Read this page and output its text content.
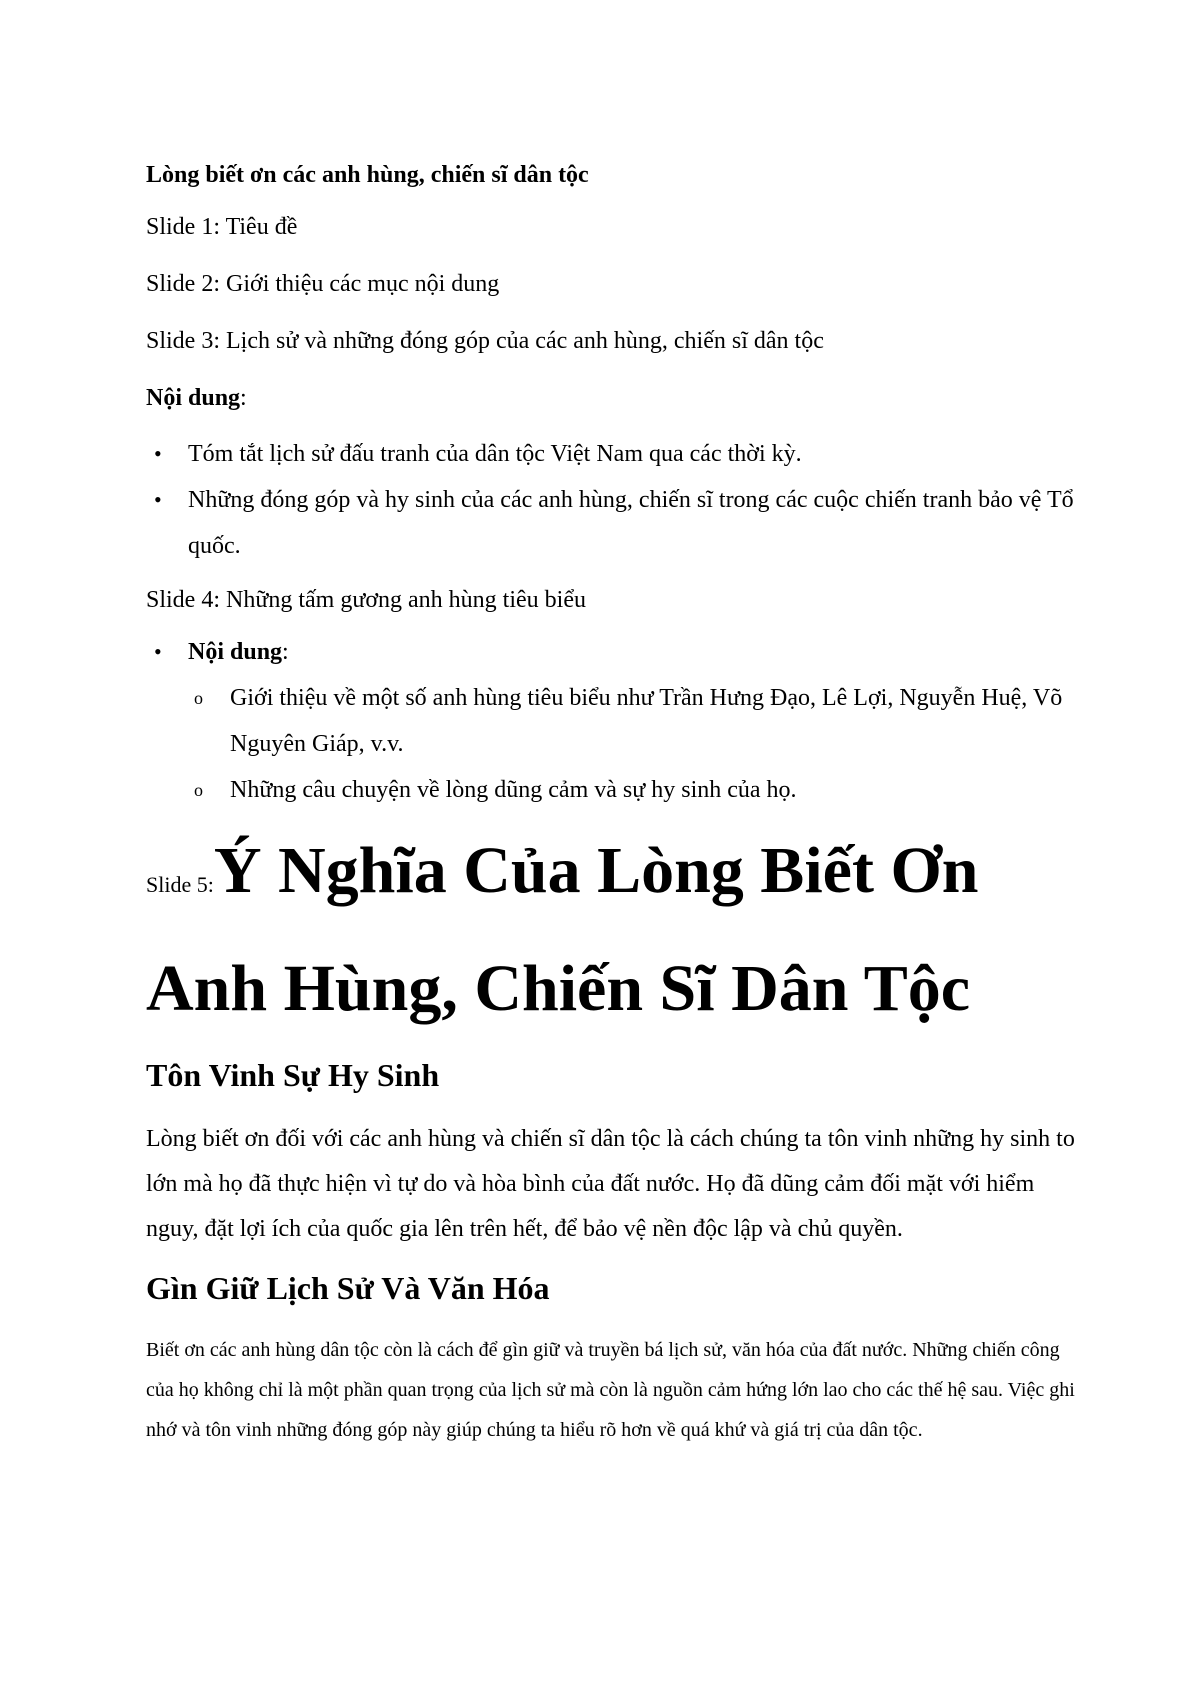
Lòng biết ơn các anh hùng, chiến sĩ dân tộc

Slide 1: Tiêu đề

Slide 2: Giới thiệu các mục nội dung

Slide 3: Lịch sử và những đóng góp của các anh hùng, chiến sĩ dân tộc

Nội dung:

• Tóm tắt lịch sử đấu tranh của dân tộc Việt Nam qua các thời kỳ.
• Những đóng góp và hy sinh của các anh hùng, chiến sĩ trong các cuộc chiến tranh bảo vệ Tổ quốc.

Slide 4: Những tấm gương anh hùng tiêu biểu

• Nội dung:
o Giới thiệu về một số anh hùng tiêu biểu như Trần Hưng Đạo, Lê Lợi, Nguyễn Huệ, Võ Nguyên Giáp, v.v.
o Những câu chuyện về lòng dũng cảm và sự hy sinh của họ.
Slide 5:Ý Nghĩa Của Lòng Biết Ơn Anh Hùng, Chiến Sĩ Dân Tộc
Tôn Vinh Sự Hy Sinh

Lòng biết ơn đối với các anh hùng và chiến sĩ dân tộc là cách chúng ta tôn vinh những hy sinh to lớn mà họ đã thực hiện vì tự do và hòa bình của đất nước. Họ đã dũng cảm đối mặt với hiểm nguy, đặt lợi ích của quốc gia lên trên hết, để bảo vệ nền độc lập và chủ quyền.

Gìn Giữ Lịch Sử Và Văn Hóa

Biết ơn các anh hùng dân tộc còn là cách để gìn giữ và truyền bá lịch sử, văn hóa của đất nước. Những chiến công của họ không chỉ là một phần quan trọng của lịch sử mà còn là nguồn cảm hứng lớn lao cho các thế hệ sau. Việc ghi nhớ và tôn vinh những đóng góp này giúp chúng ta hiểu rõ hơn về quá khứ và giá trị của dân tộc.
